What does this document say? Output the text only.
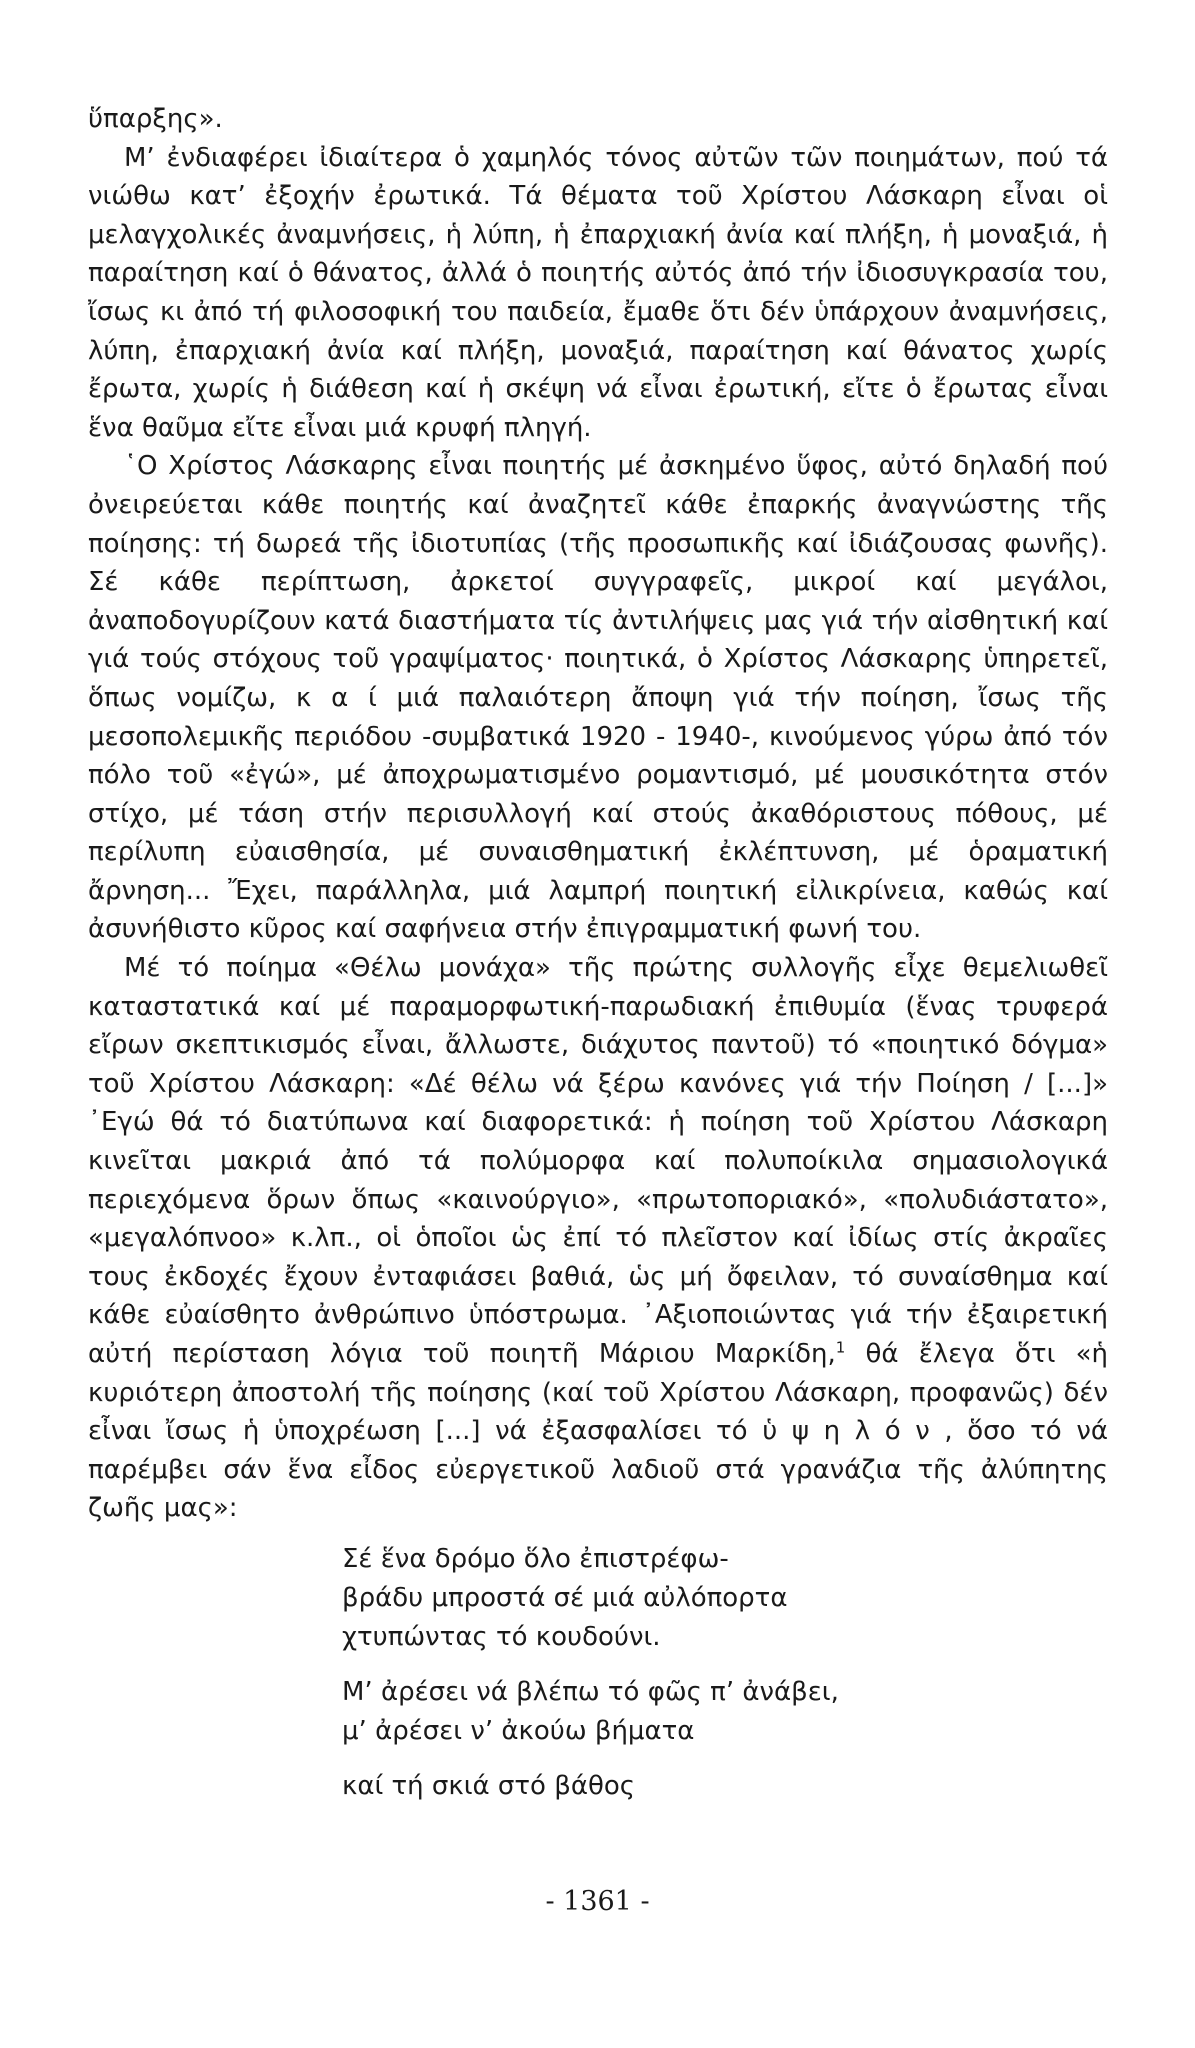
ὕπαρξης».

Μ’ ἐνδιαφέρει ἰδιαίτερα ὁ χαμηλός τόνος αὐτῶν τῶν ποιημάτων, πού τά νιώθω κατ’ ἐξοχήν ἐρωτικά. Τά θέματα τοῦ Χρίστου Λάσκαρη εἶναι οἱ μελαγχολικές ἀναμνήσεις, ἡ λύπη, ἡ ἐπαρχιακή ἀνία καί πλήξη, ἡ μοναξιά, ἡ παραίτηση καί ὁ θάνατος, ἀλλά ὁ ποιητής αὐτός ἀπό τήν ἰδιοσυγκρασία του, ἴσως κι ἀπό τή φιλοσοφική του παιδεία, ἔμαθε ὅτι δέν ὑπάρχουν ἀναμνήσεις, λύπη, ἐπαρχιακή ἀνία καί πλήξη, μοναξιά, παραίτηση καί θάνατος χωρίς ἔρωτα, χωρίς ἡ διάθεση καί ἡ σκέψη νά εἶναι ἐρωτική, εἴτε ὁ ἔρωτας εἶναι ἕνα θαῦμα εἴτε εἶναι μιά κρυφή πληγή.

῾Ο Χρίστος Λάσκαρης εἶναι ποιητής μέ ἀσκημένο ὕφος, αὐτό δηλαδή πού ὀνειρεύεται κάθε ποιητής καί ἀναζητεῖ κάθε ἐπαρκής ἀναγνώστης τῆς ποίησης: τή δωρεά τῆς ἰδιοτυπίας (τῆς προσωπικῆς καί ἰδιάζουσας φωνῆς). Σέ κάθε περίπτωση, ἀρκετοί συγγραφεῖς, μικροί καί μεγάλοι, ἀναποδογυρίζουν κατά διαστήματα τίς ἀντιλήψεις μας γιά τήν αἰσθητική καί γιά τούς στόχους τοῦ γραψίματος· ποιητικά, ὁ Χρίστος Λάσκαρης ὑπηρετεῖ, ὅπως νομίζω, κ α ί μιά παλαιότερη ἄποψη γιά τήν ποίηση, ἴσως τῆς μεσοπολεμικῆς περιόδου -συμβατικά 1920 - 1940-, κινούμενος γύρω ἀπό τόν πόλο τοῦ «ἐγώ», μέ ἀποχρωματισμένο ρομαντισμό, μέ μουσικότητα στόν στίχο, μέ τάση στήν περισυλλογή καί στούς ἀκαθόριστους πόθους, μέ περίλυπη εὐαισθησία, μέ συναισθηματική ἐκλέπτυνση, μέ ὁραματική ἄρνηση... Ἔχει, παράλληλα, μιά λαμπρή ποιητική εἰλικρίνεια, καθώς καί ἀσυνήθιστο κῦρος καί σαφήνεια στήν ἐπιγραμματική φωνή του.

Μέ τό ποίημα «Θέλω μονάχα» τῆς πρώτης συλλογῆς εἶχε θεμελιωθεῖ καταστατικά καί μέ παραμορφωτική-παρωδιακή ἐπιθυμία (ἕνας τρυφερά εἴρων σκεπτικισμός εἶναι, ἄλλωστε, διάχυτος παντοῦ) τό «ποιητικό δόγμα» τοῦ Χρίστου Λάσκαρη: «Δέ θέλω νά ξέρω κανόνες γιά τήν Ποίηση / [...]» ᾿Εγώ θά τό διατύπωνα καί διαφορετικά: ἡ ποίηση τοῦ Χρίστου Λάσκαρη κινεῖται μακριά ἀπό τά πολύμορφα καί πολυποίκιλα σημασιολογικά περιεχόμενα ὅρων ὅπως «καινούργιο», «πρωτοποριακό», «πολυδιάστατο», «μεγαλόπνοο» κ.λπ., οἱ ὁποῖοι ὡς ἐπί τό πλεῖστον καί ἰδίως στίς ἀκραῖες τους ἐκδοχές ἔχουν ἐνταφιάσει βαθιά, ὡς μή ὄφειλαν, τό συναίσθημα καί κάθε εὐαίσθητο ἀνθρώπινο ὑπόστρωμα. ᾿Αξιοποιώντας γιά τήν ἐξαιρετική αὐτή περίσταση λόγια τοῦ ποιητῆ Μάριου Μαρκίδη,$^1$ θά ἔλεγα ὅτι «ἡ κυριότερη ἀποστολή τῆς ποίησης (καί τοῦ Χρίστου Λάσκαρη, προφανῶς) δέν εἶναι ἴσως ἡ ὑποχρέωση [...] νά ἐξασφαλίσει τό ὑ ψ η λ ό ν , ὅσο τό νά παρέμβει σάν ἕνα εἶδος εὐεργετικοῦ λαδιοῦ στά γρανάζια τῆς ἀλύπητης ζωῆς μας»:

Σέ ἕνα δρόμο ὅλο ἐπιστρέφω-
βράδυ μπροστά σέ μιά αὐλόπορτα
χτυπώντας τό κουδούνι.
Μ’ ἀρέσει νά βλέπω τό φῶς π’ ἀνάβει,
μ’ ἀρέσει ν’ ἀκούω βήματα
καί τή σκιά στό βάθος
- 1361 -
